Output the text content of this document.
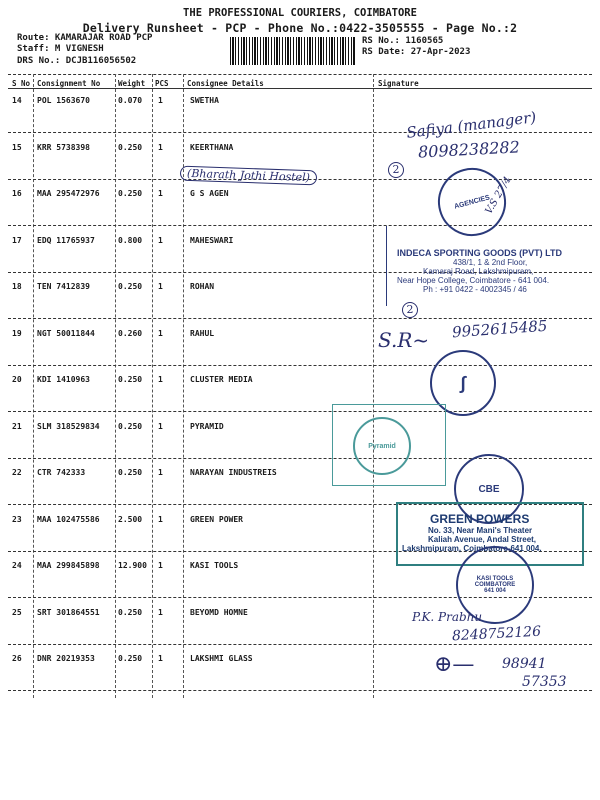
THE PROFESSIONAL COURIERS, COIMBATORE
Delivery Runsheet - PCP - Phone No.:0422-3505555 - Page No.:2
Route: KAMARAJAR ROAD PCP
Staff: M VIGNESH
DRS No.: DCJB116056502
RS No.: 1160565
RS Date: 27-Apr-2023
S No Consignment No Weight PCS Consignee Details	Signature
14 POL 1563670	0.070 1	SWETHA
15 KRR 5738398	0.250 1	KEERTHANA
16 MAA 295472976 0.250 1	G S AGEN
17 EDQ 11765937	0.800 1	MAHESWARI
18 TEN 7412839	0.250 1	ROHAN
19 NGT 50011844	0.260 1	RAHUL
20 KDI 1410963	0.250 1	CLUSTER MEDIA
21 SLM 318529834 0.250 1	PYRAMID
22 CTR 742333	0.250 1	NARAYAN INDUSTREIS
23 MAA 102475586 2.500 1	GREEN POWER
24 MAA 299845898 12.900 1	KASI TOOLS
25 SRT 301864551 0.250 1	BEYOMD HOMNE
26 DNR 20219353	0.250 1	LAKSHMI GLASS
Safiya (manager)
8098238282
(Bharath Jothi Hostel)	2
AGENCIES
V.S 27/4
INDECA SPORTING GOODS (PVT) LTD
438/1, 1 & 2nd Floor,
Kamaraj Road, Lakshmipuram,
Near Hope College, Coimbatore - 641 004.
Ph : +91 0422 - 4002345 / 46
2
S.R~ 9952615485
∫
Pyramid
CBE
GREEN POWERS
No. 33, Near Mani's Theater
Kaliah Avenue, Andal Street,
Lakshmipuram, Coimbatore-641 004.
KASI TOOLS
COIMBATORE
641 004
P.K. Prabhu
8248752126
⊕— 98941
57353
